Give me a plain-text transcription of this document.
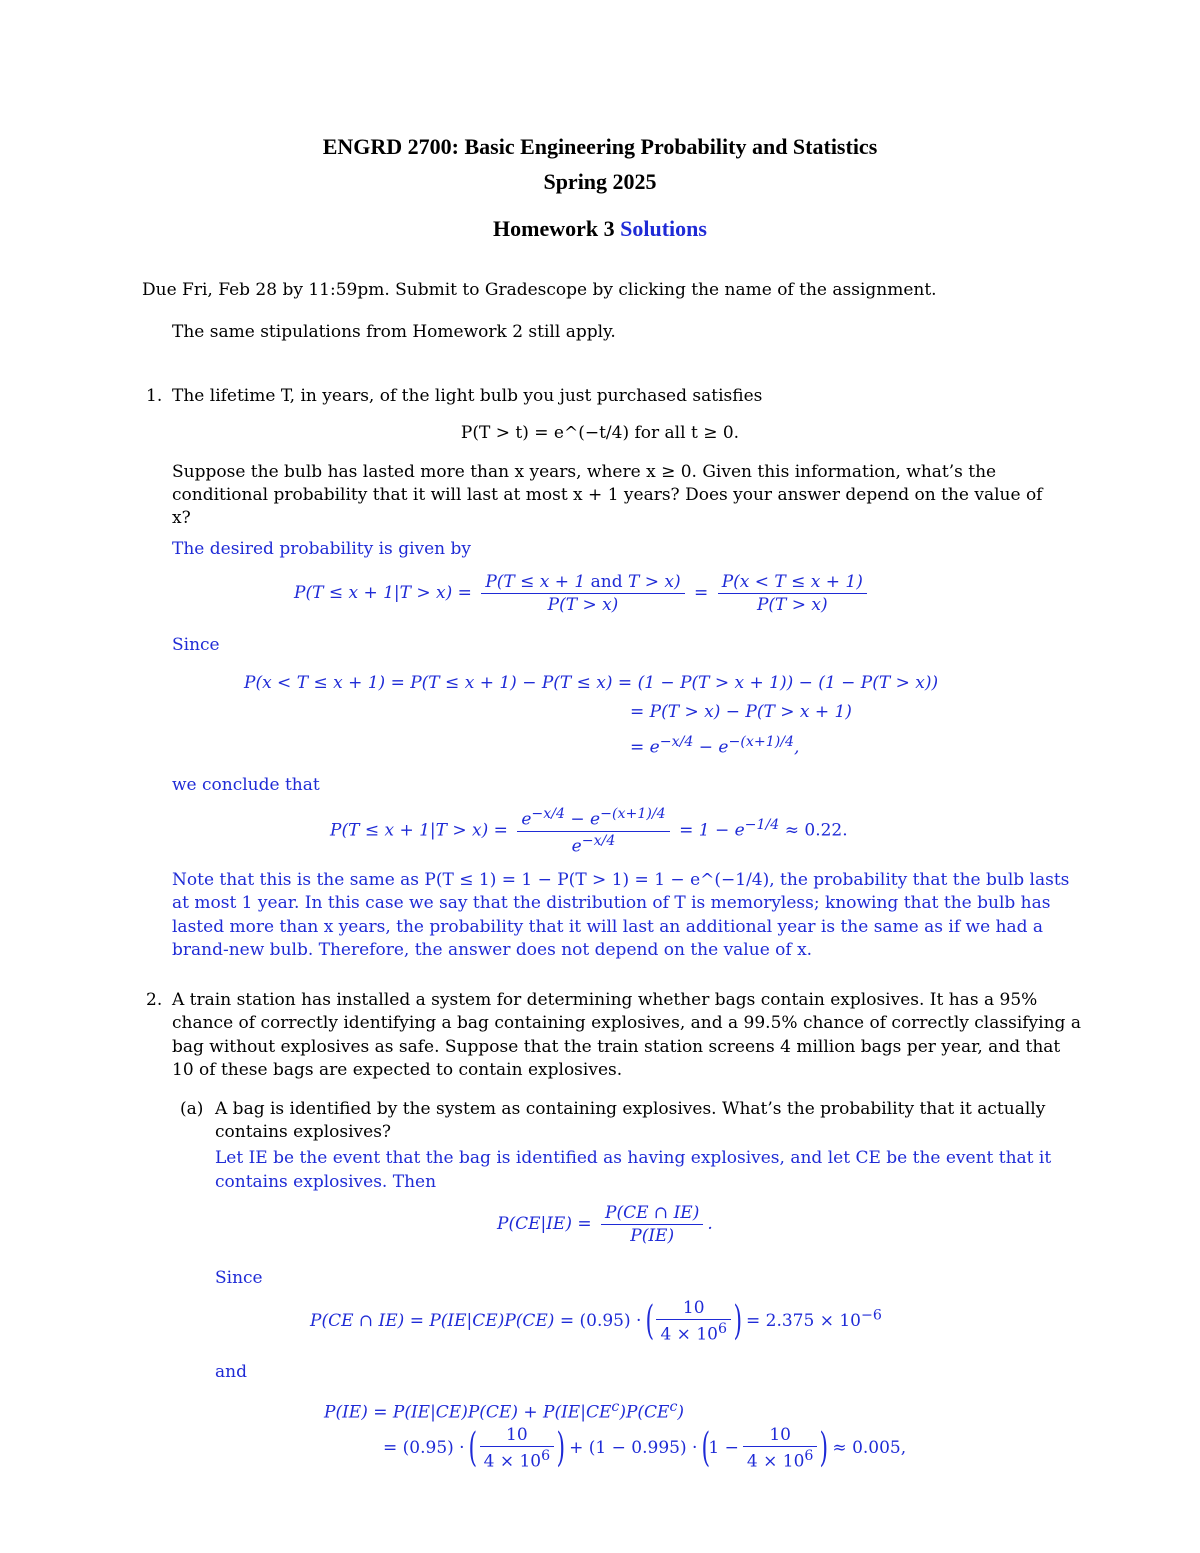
ENGRD 2700: Basic Engineering Probability and Statistics
Spring 2025
Homework 3 Solutions
Due Fri, Feb 28 by 11:59pm. Submit to Gradescope by clicking the name of the assignment.
The same stipulations from Homework 2 still apply.
1. The lifetime T, in years, of the light bulb you just purchased satisfies
P(T > t) = e^(−t/4) for all t ≥ 0.
Suppose the bulb has lasted more than x years, where x ≥ 0. Given this information, what’s the
conditional probability that it will last at most x + 1 years? Does your answer depend on the value of
x?
The desired probability is given by
$P(T \le x + 1|T > x) = \frac{\text{P(T ≤ x + 1 and T > x)}}{P(T > x)} = \frac{P(x < T \le x + 1)}{P(T > x)}$
Since
P(x < T ≤ x + 1) = P(T ≤ x + 1) − P(T ≤ x) = (1 − P(T > x + 1)) − (1 − P(T > x))
= P(T > x) − P(T > x + 1)
= $e^{-x/4} - e^{-(x+1)/4}$,
we conclude that
$P(T \le x + 1|T > x) = \frac{e^{-x/4} - e^{-(x+1)/4}}{e^{-x/4}} = 1 - e^{-1/4} \approx 0.22$.
Note that this is the same as P(T ≤ 1) = 1 − P(T > 1) = 1 − e^(−1/4), the probability that the bulb lasts
at most 1 year. In this case we say that the distribution of T is memoryless; knowing that the bulb has
lasted more than x years, the probability that it will last an additional year is the same as if we had a
brand-new bulb. Therefore, the answer does not depend on the value of x.
2. A train station has installed a system for determining whether bags contain explosives. It has a 95%
chance of correctly identifying a bag containing explosives, and a 99.5% chance of correctly classifying a
bag without explosives as safe. Suppose that the train station screens 4 million bags per year, and that
10 of these bags are expected to contain explosives.
(a) A bag is identified by the system as containing explosives. What’s the probability that it actually
contains explosives?
Let IE be the event that the bag is identified as having explosives, and let CE be the event that it
contains explosives. Then
$P(CE|IE) = \frac{P(CE \cap IE)}{P(IE)}$ .
Since
P(CE ∩ IE) = P(IE|CE)P(CE) = (0.95) · ( $\frac{10}{4 \times 10^6}$ ) = $2.375 \times 10^{-6}$
and
$P(IE) = P(IE|CE)P(CE) + P(IE|CE^c)P(CE^c)$
= (0.95) · ( $\frac{10}{4 \times 10^6}$ ) + $(1 - 0.995) \cdot (1 - \frac{10}{4 \times 10^6}$ ) ≈ 0.005,
